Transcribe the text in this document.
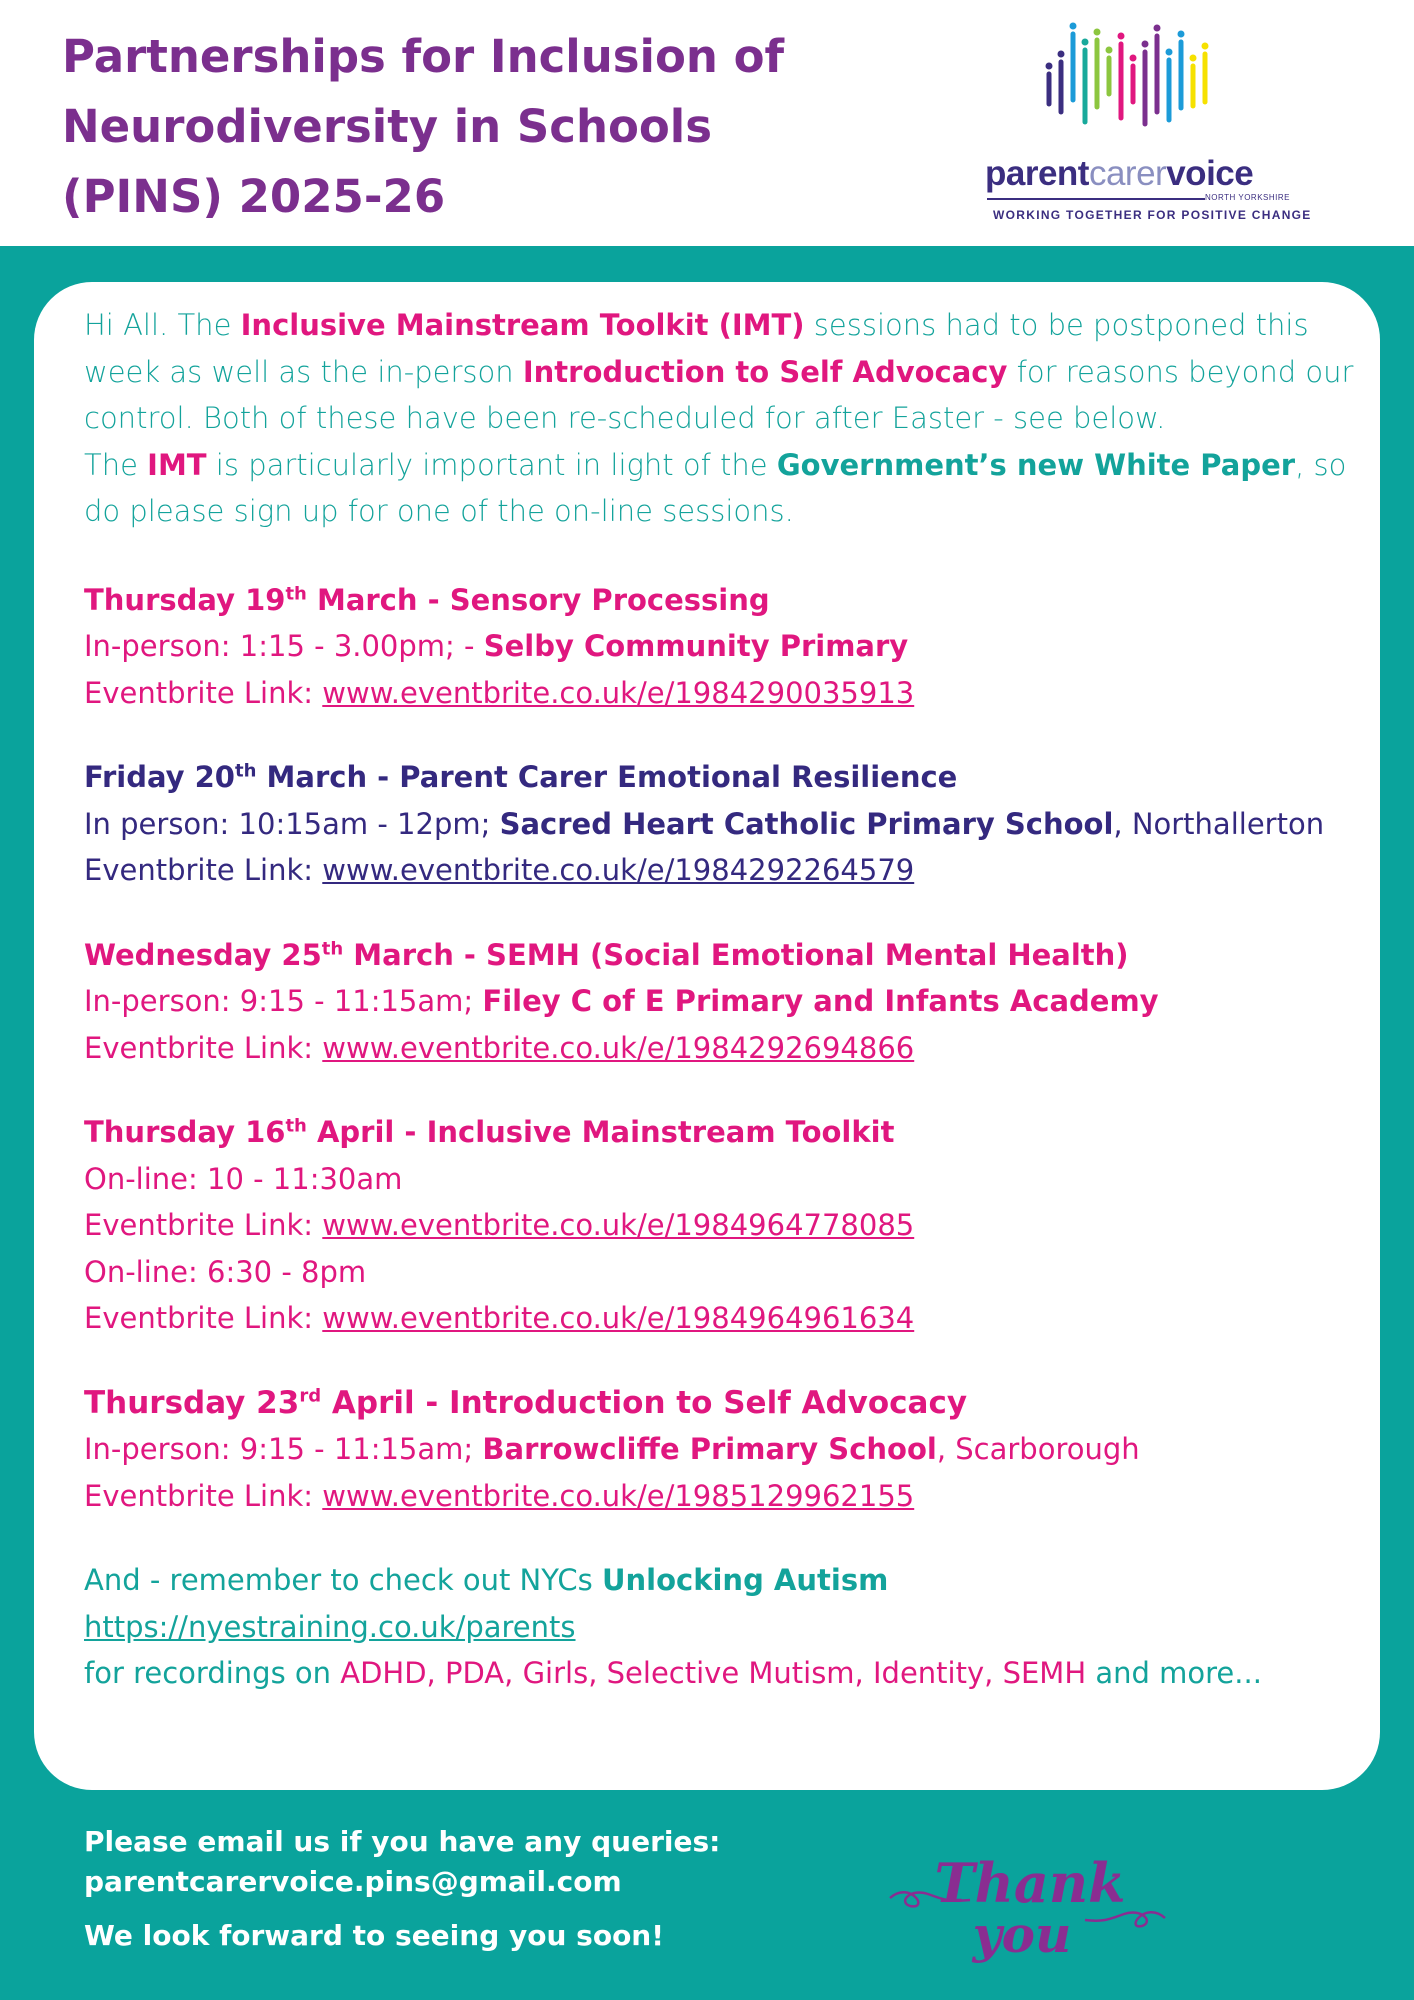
Partnerships for Inclusion of
Neurodiversity in Schools
(PINS) 2025-26	parentcarervoice
NORTH YORKSHIRE
WORKING TOGETHER FOR POSITIVE CHANGE

Hi All. The Inclusive Mainstream Toolkit (IMT) sessions had to be postponed this week as well as the in-person Introduction to Self Advocacy for reasons beyond our control. Both of these have been re-scheduled for after Easter - see below.

The IMT is particularly important in light of the Government’s new White Paper, so do please sign up for one of the on-line sessions.

Thursday 19th March - Sensory Processing

In-person: 1:15 - 3.00pm; - Selby Community Primary

Eventbrite Link: www.eventbrite.co.uk/e/1984290035913

Friday 20th March - Parent Carer Emotional Resilience

In person: 10:15am - 12pm; Sacred Heart Catholic Primary School, Northallerton

Eventbrite Link: www.eventbrite.co.uk/e/1984292264579

Wednesday 25th March - SEMH (Social Emotional Mental Health)

In-person: 9:15 - 11:15am; Filey C of E Primary and Infants Academy

Eventbrite Link: www.eventbrite.co.uk/e/1984292694866

Thursday 16th April - Inclusive Mainstream Toolkit

On-line: 10 - 11:30am

Eventbrite Link: www.eventbrite.co.uk/e/1984964778085

On-line: 6:30 - 8pm

Eventbrite Link: www.eventbrite.co.uk/e/1984964961634

Thursday 23rd April - Introduction to Self Advocacy

In-person: 9:15 - 11:15am; Barrowcliffe Primary School, Scarborough

Eventbrite Link: www.eventbrite.co.uk/e/1985129962155

And - remember to check out NYCs Unlocking Autism

https://nyestraining.co.uk/parents

for recordings on ADHD, PDA, Girls, Selective Mutism, Identity, SEMH and more...

Please email us if you have any queries:
parentcarervoice.pins@gmail.com
We look forward to seeing you soon!
Thank
you
